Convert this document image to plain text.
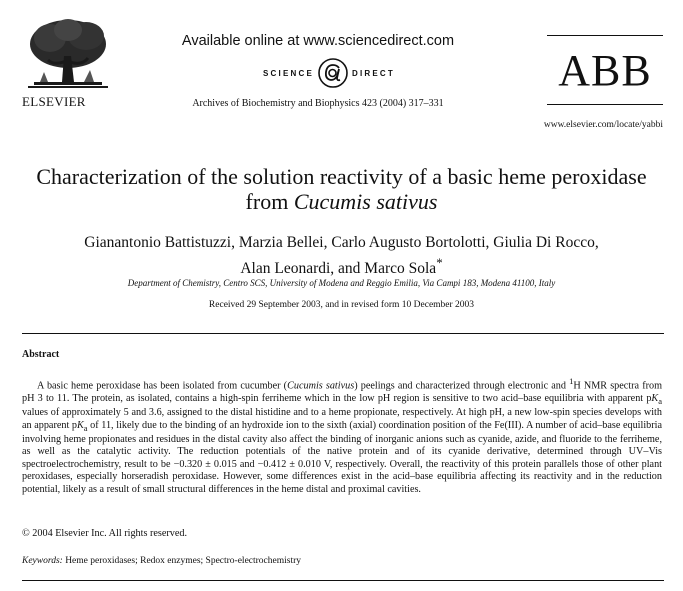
ELSEVIER
Available online at www.sciencedirect.com
SCIENCE	DIRECT
Archives of Biochemistry and Biophysics 423 (2004) 317–331
ABB
www.elsevier.com/locate/yabbi
Characterization of the solution reactivity of a basic heme peroxidase from Cucumis sativus
Gianantonio Battistuzzi, Marzia Bellei, Carlo Augusto Bortolotti, Giulia Di Rocco,
Alan Leonardi, and Marco Sola*
Department of Chemistry, Centro SCS, University of Modena and Reggio Emilia, Via Campi 183, Modena 41100, Italy
Received 29 September 2003, and in revised form 10 December 2003
Abstract

A basic heme peroxidase has been isolated from cucumber (Cucumis sativus) peelings and characterized through electronic and $^1$H NMR spectra from pH 3 to 11. The protein, as isolated, contains a high-spin ferriheme which in the low pH region is sensitive to two acid–base equilibria with apparent $pK_a$ values of approximately 5 and 3.6, assigned to the distal histidine and to a heme propionate, respectively. At high pH, a new low-spin species develops with an apparent $pK_a$ of 11, likely due to the binding of an hydroxide ion to the sixth (axial) coordination position of the Fe(III). A number of acid–base equilibria involving heme propionates and residues in the distal cavity also affect the binding of inorganic anions such as cyanide, azide, and fluoride to the ferriheme, as well as the catalytic activity. The reduction potentials of the native protein and of its cyanide derivative, determined through UV–Vis spectroelectrochemistry, result to be −0.320 ± 0.015 and −0.412 ± 0.010 V, respectively. Overall, the reactivity of this protein parallels those of other plant peroxidases, especially horseradish peroxidase. However, some differences exist in the acid–base equilibria affecting its reactivity and in the reduction potential, likely as a result of small structural differences in the heme distal and proximal cavities.

© 2004 Elsevier Inc. All rights reserved.
Keywords: Heme peroxidases; Redox enzymes; Spectro-electrochemistry
